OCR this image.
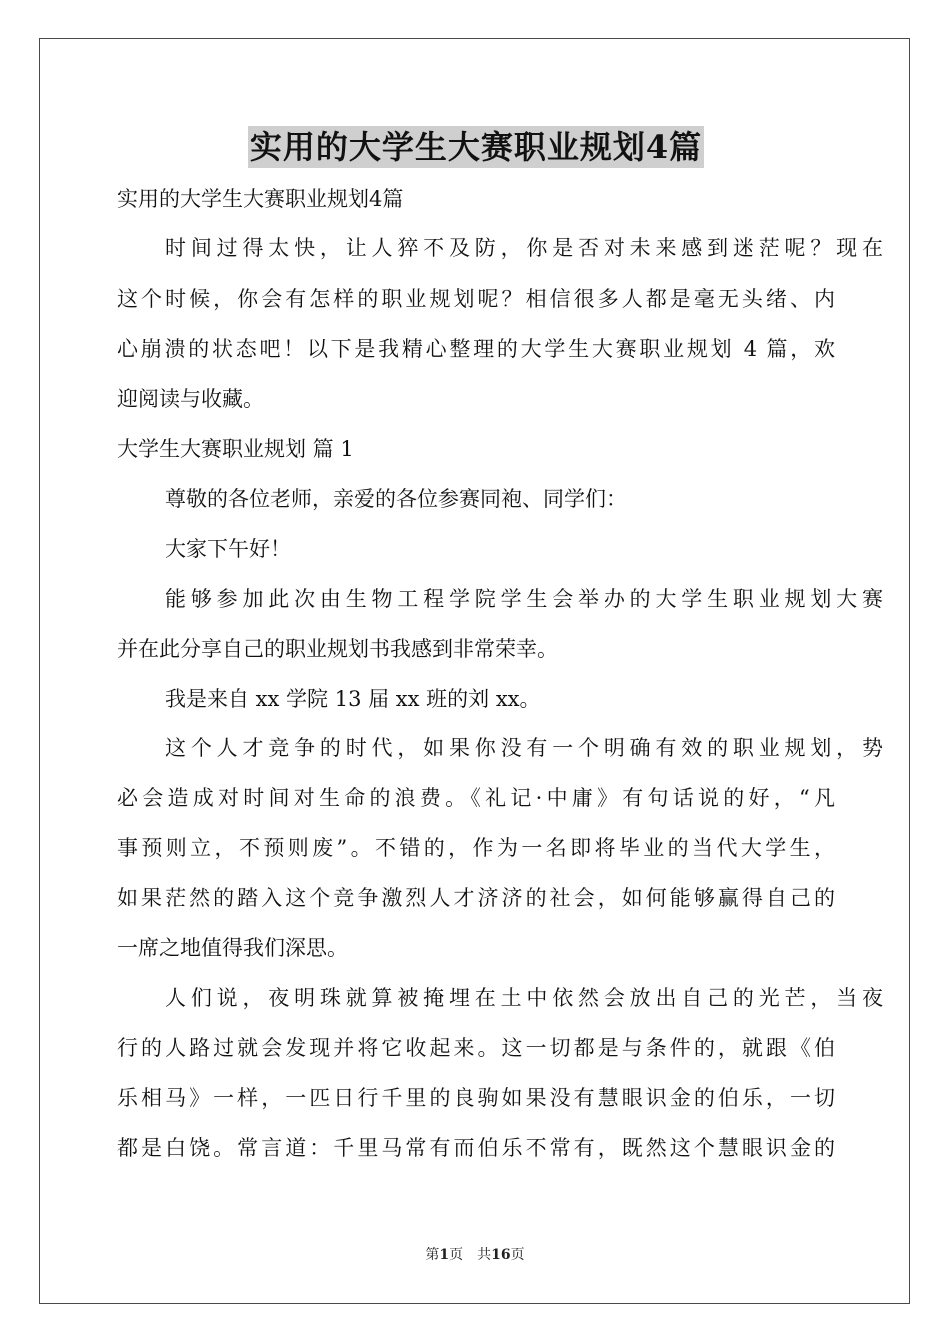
实用的大学生大赛职业规划4篇
实用的大学生大赛职业规划4篇
时间过得太快，让人猝不及防，你是否对未来感到迷茫呢？现在
这个时候，你会有怎样的职业规划呢？相信很多人都是毫无头绪、内
心崩溃的状态吧！以下是我精心整理的大学生大赛职业规划 4 篇，欢
迎阅读与收藏。
大学生大赛职业规划 篇 1
尊敬的各位老师，亲爱的各位参赛同袍、同学们：
大家下午好！
能够参加此次由生物工程学院学生会举办的大学生职业规划大赛
并在此分享自己的职业规划书我感到非常荣幸。
我是来自 xx 学院 13 届 xx 班的刘 xx。
这个人才竞争的时代，如果你没有一个明确有效的职业规划，势
必会造成对时间对生命的浪费。《礼记·中庸》有句话说的好，“凡
事预则立，不预则废”。不错的，作为一名即将毕业的当代大学生，
如果茫然的踏入这个竞争激烈人才济济的社会，如何能够赢得自己的
一席之地值得我们深思。
人们说，夜明珠就算被掩埋在土中依然会放出自己的光芒，当夜
行的人路过就会发现并将它收起来。这一切都是与条件的，就跟《伯
乐相马》一样，一匹日行千里的良驹如果没有慧眼识金的伯乐，一切
都是白饶。常言道：千里马常有而伯乐不常有，既然这个慧眼识金的
第1页 共16页
